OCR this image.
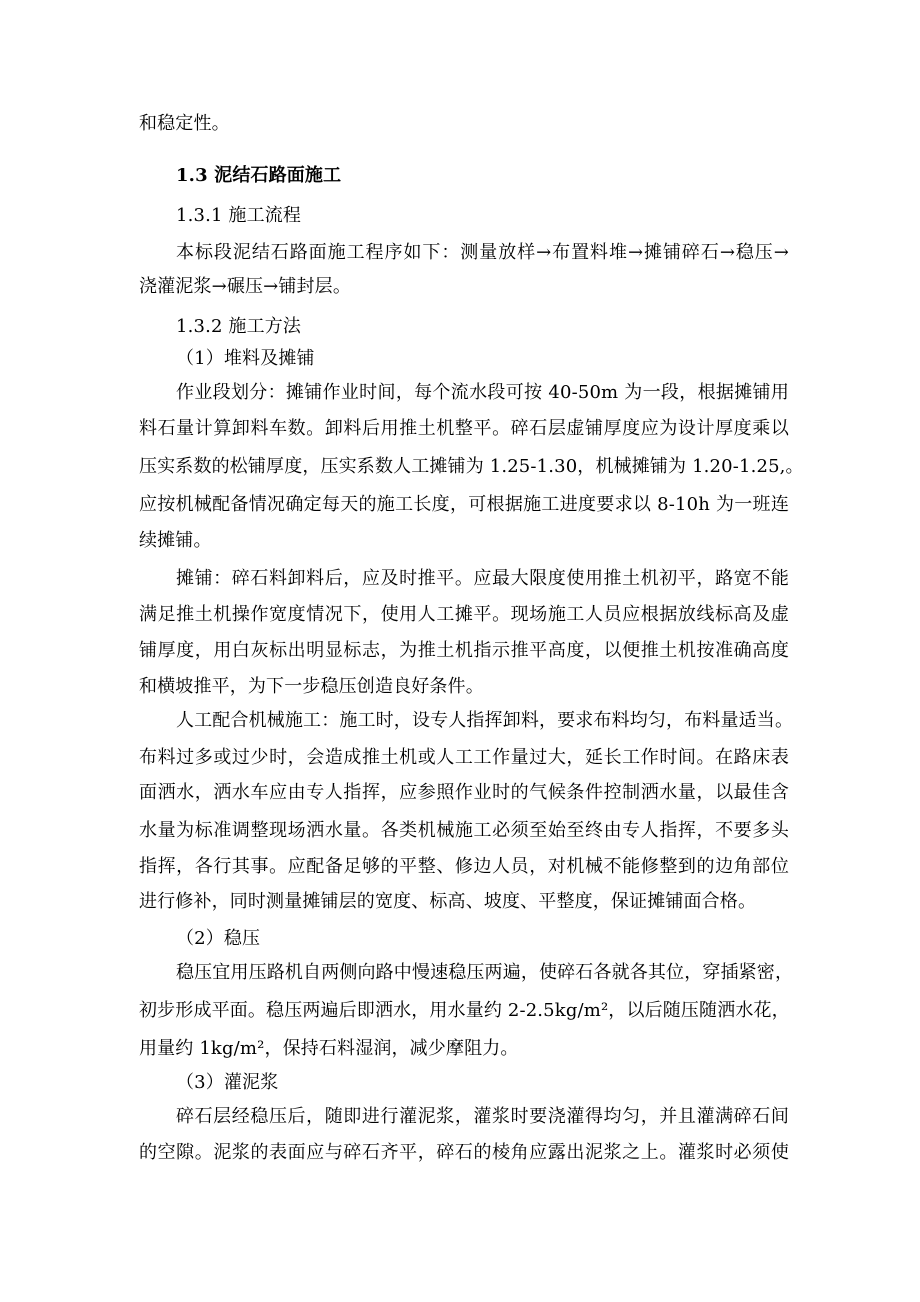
和稳定性。
1.3 泥结石路面施工
1.3.1 施工流程
本标段泥结石路面施工程序如下：测量放样→布置料堆→摊铺碎石→稳压→
浇灌泥浆→碾压→铺封层。
1.3.2 施工方法
（1）堆料及摊铺
作业段划分：摊铺作业时间，每个流水段可按 40-50m 为一段，根据摊铺用
料石量计算卸料车数。卸料后用推土机整平。碎石层虚铺厚度应为设计厚度乘以
压实系数的松铺厚度，压实系数人工摊铺为 1.25-1.30，机械摊铺为 1.20-1.25,。
应按机械配备情况确定每天的施工长度，可根据施工进度要求以 8-10h 为一班连
续摊铺。
摊铺：碎石料卸料后，应及时推平。应最大限度使用推土机初平，路宽不能
满足推土机操作宽度情况下，使用人工摊平。现场施工人员应根据放线标高及虚
铺厚度，用白灰标出明显标志，为推土机指示推平高度，以便推土机按准确高度
和横坡推平，为下一步稳压创造良好条件。
人工配合机械施工：施工时，设专人指挥卸料，要求布料均匀，布料量适当。
布料过多或过少时，会造成推土机或人工工作量过大，延长工作时间。在路床表
面洒水，洒水车应由专人指挥，应参照作业时的气候条件控制洒水量，以最佳含
水量为标准调整现场洒水量。各类机械施工必须至始至终由专人指挥，不要多头
指挥，各行其事。应配备足够的平整、修边人员，对机械不能修整到的边角部位
进行修补，同时测量摊铺层的宽度、标高、坡度、平整度，保证摊铺面合格。
（2）稳压
稳压宜用压路机自两侧向路中慢速稳压两遍，使碎石各就各其位，穿插紧密，
初步形成平面。稳压两遍后即洒水，用水量约 2-2.5kg/m²，以后随压随洒水花，
用量约 1kg/m²，保持石料湿润，减少摩阻力。
（3）灌泥浆
碎石层经稳压后，随即进行灌泥浆，灌浆时要浇灌得均匀，并且灌满碎石间
的空隙。泥浆的表面应与碎石齐平，碎石的棱角应露出泥浆之上。灌浆时必须使
